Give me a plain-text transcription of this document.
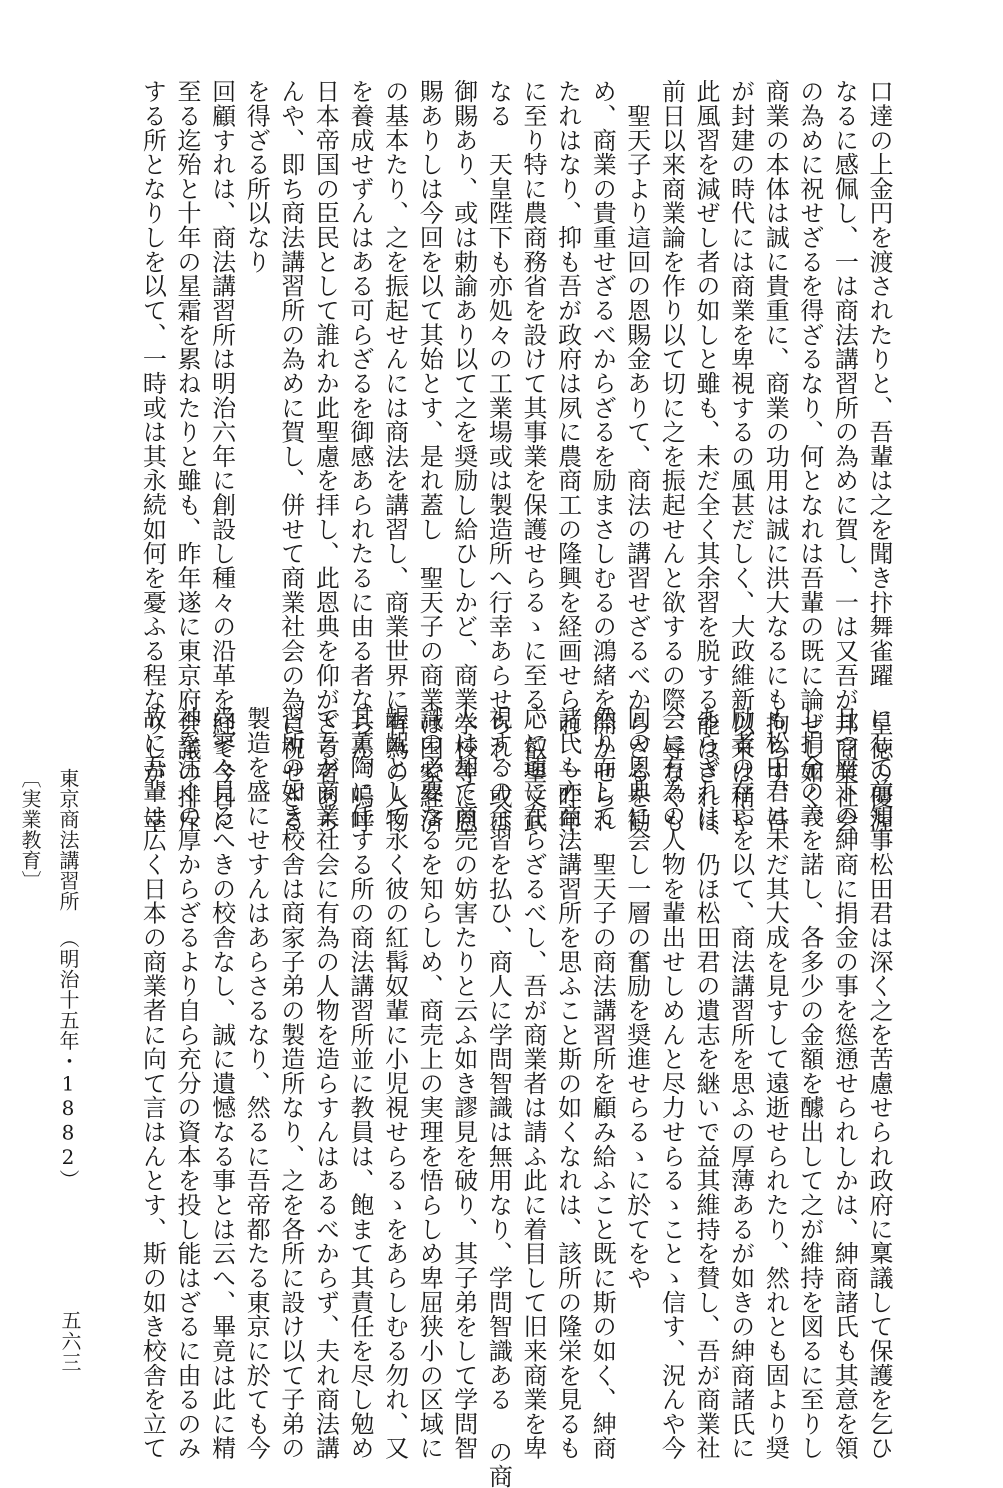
口達の上金円を渡されたりと、吾輩は之を聞き抃舞雀躍　皇徳の優渥
なるに感佩し、一は商法講習所の為めに賀し、一は又吾が邦商業社会
の為めに祝せざるを得ざるなり、何となれは吾輩の既に論ぜし如く、
商業の本体は誠に貴重に、商業の功用は誠に洪大なるにも拘らす、吾
が封建の時代には商業を卑視するの風甚だしく、大政維新以来は稍や
此風習を減ぜし者の如しと雖も、未だ全く其余習を脱する能はざれは
前日以来商業論を作り以て切に之を振起せんと欲するの際、辱なくも
　聖天子より這回の恩賜金ありて、商法の講習せざるべからざるを勧
め、商業の貴重せざるべからざるを励まさしむるの鴻緒を開かせられ
たれはなり、抑も吾が政府は夙に農商工の隆興を経画せられ、一昨年
に至り特に農商務省を設けて其事業を保護せらるゝに至る、叡聖文武
なる　天皇陛下も亦処々の工業場或は製造所へ行幸あらせられ、或は
御賜あり、或は勅諭あり以て之を奨励し給ひしかど、商業学校等に恩
賜ありしは今回を以て其始とす、是れ蓋し　聖天子の商業は国家経済
の基本たり、之を振起せんには商法を講習し、商業世界に有為の人物
を養成せずんはある可らざるを御感あられたるに由る者ならん、嗚呼
日本帝国の臣民として誰れか此聖慮を拝し、此恩典を仰がざる者あら
んや、即ち商法講習所の為めに賀し、併せて商業社会の為に祝せざる
を得ざる所以なり
回顧すれは、商法講習所は明治六年に創設し種々の沿革を経て今日に
至る迄殆と十年の星霜を累ねたりと雖も、昨年遂に東京府会議の排斥
する所となりしを以て、一時或は其永続如何を憂ふる程なりしが、幸
にして前知事松田君は深く之を苦慮せられ政府に稟議して保護を乞ひ
且つ府下の紳商に捐金の事を慫慂せられしかは、紳商諸氏も其意を領
し捐金の義を諾し、各多少の金額を醵出して之が維持を図るに至りし
も松田君は未だ其大成を見すして遠逝せられたり、然れとも固より奨
励者の存亡を以て、商法講習所を思ふの厚薄あるが如きの紳商諸氏に
あらざれは、仍ほ松田君の遺志を継いで益其維持を賛し、吾が商業社
会に有為の人物を輩出せしめんと尽力せらるゝことゝ信す、況んや今
回の恩典に会し一層の奮励を奨進せらるゝに於てをや
然り而して　聖天子の商法講習所を顧み給ふこと既に斯の如く、紳商
諸氏も亦商法講習所を思ふこと斯の如くなれは、該所の隆栄を見るも
応に遠に在らざるべし、吾が商業者は請ふ此に着目して旧来商業を卑
視するの余習を払ひ、商人に学問智識は無用なり、学問智識ある の商
人は却て商売の妨害たりと云ふ如き謬見を破り、其子弟をして学問智
識の必要なるを知らしめ、商売上の実理を悟らしめ卑屈狭小の区域に
齷齪として永く彼の紅髯奴輩に小児視せらるゝをあらしむる勿れ、又
其薫陶に任する所の商法講習所並に教員は、飽まて其責任を尽し勉め
て吾が商業社会に有為の人物を造らすんはあるべからず、夫れ商法講
習所の如き校舎は商家子弟の製造所なり、之を各所に設け以て子弟の
製造を盛にせすんはあらさるなり、然るに吾帝都たる東京に於ても今
尚寥々見るへきの校舎なし、誠に遺憾なる事とは云へ、畢竟は此に精
神を注ぐの厚からざるより自ら充分の資本を投し能はざるに由るのみ
故に吾輩は広く日本の商業者に向て言はんとす、斯の如き校舎を立て
〔実業教育〕 東京商法講習所
（明治十五年・1882）
五六三
